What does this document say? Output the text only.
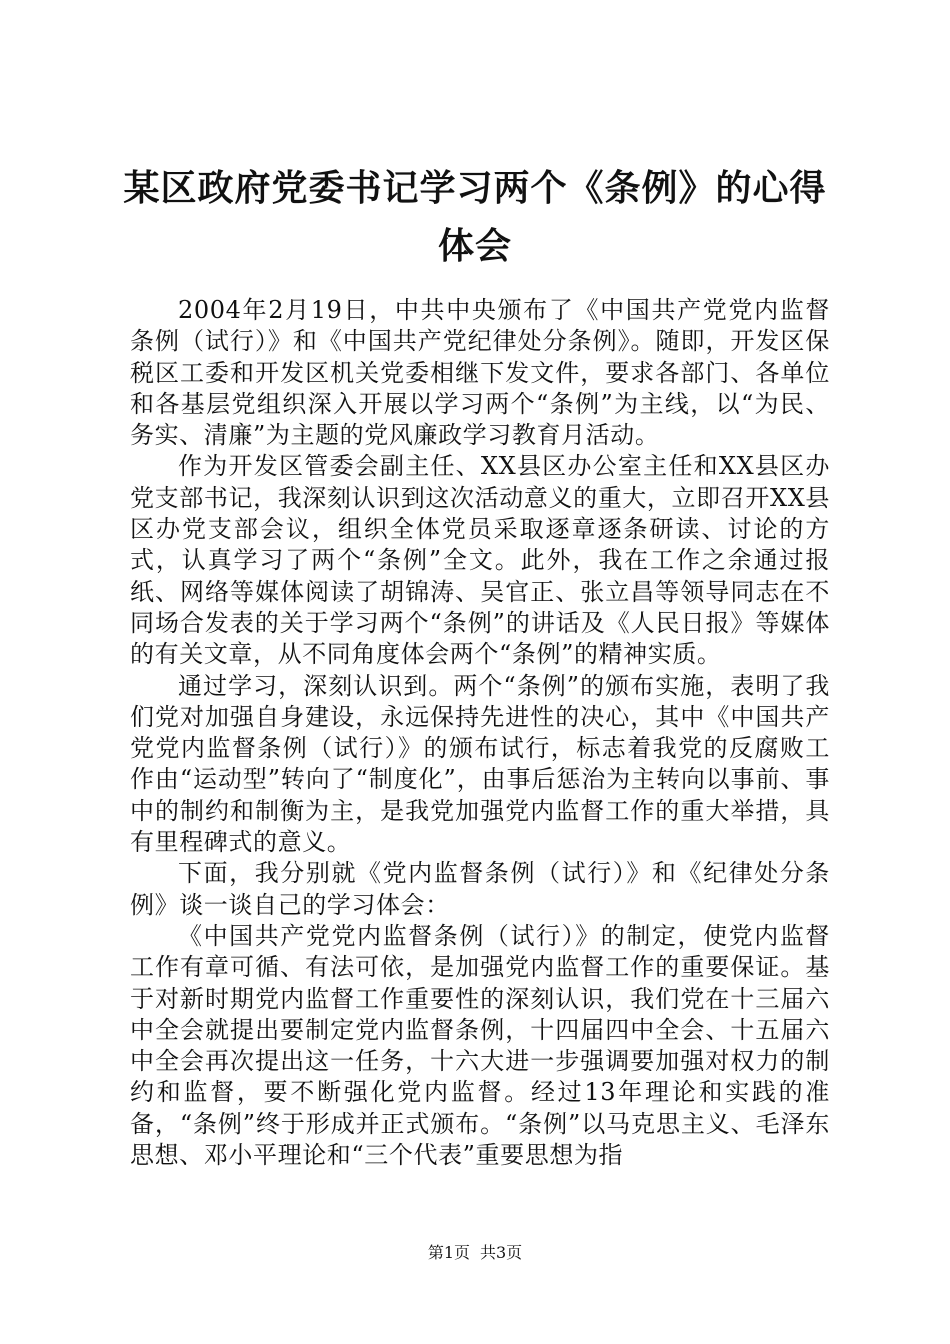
某区政府党委书记学习两个《条例》的心得体会

2004年2月19日，中共中央颁布了《中国共产党党内监督条例（试行）》和《中国共产党纪律处分条例》。随即，开发区保税区工委和开发区机关党委相继下发文件，要求各部门、各单位和各基层党组织深入开展以学习两个“条例”为主线，以“为民、务实、清廉”为主题的党风廉政学习教育月活动。

作为开发区管委会副主任、XX县区办公室主任和XX县区办党支部书记，我深刻认识到这次活动意义的重大，立即召开XX县区办党支部会议，组织全体党员采取逐章逐条研读、讨论的方式，认真学习了两个“条例”全文。此外，我在工作之余通过报纸、网络等媒体阅读了胡锦涛、吴官正、张立昌等领导同志在不同场合发表的关于学习两个“条例”的讲话及《人民日报》等媒体的有关文章，从不同角度体会两个“条例”的精神实质。

通过学习，深刻认识到。两个“条例”的颁布实施，表明了我们党对加强自身建设，永远保持先进性的决心，其中《中国共产党党内监督条例（试行）》的颁布试行，标志着我党的反腐败工作由“运动型”转向了“制度化”，由事后惩治为主转向以事前、事中的制约和制衡为主，是我党加强党内监督工作的重大举措，具有里程碑式的意义。

下面，我分别就《党内监督条例（试行）》和《纪律处分条例》谈一谈自己的学习体会：

《中国共产党党内监督条例（试行）》的制定，使党内监督工作有章可循、有法可依，是加强党内监督工作的重要保证。基于对新时期党内监督工作重要性的深刻认识，我们党在十三届六中全会就提出要制定党内监督条例，十四届四中全会、十五届六中全会再次提出这一任务，十六大进一步强调要加强对权力的制约和监督，要不断强化党内监督。经过13年理论和实践的准备，“条例”终于形成并正式颁布。“条例”以马克思主义、毛泽东思想、邓小平理论和“三个代表”重要思想为指

第1页 共3页
